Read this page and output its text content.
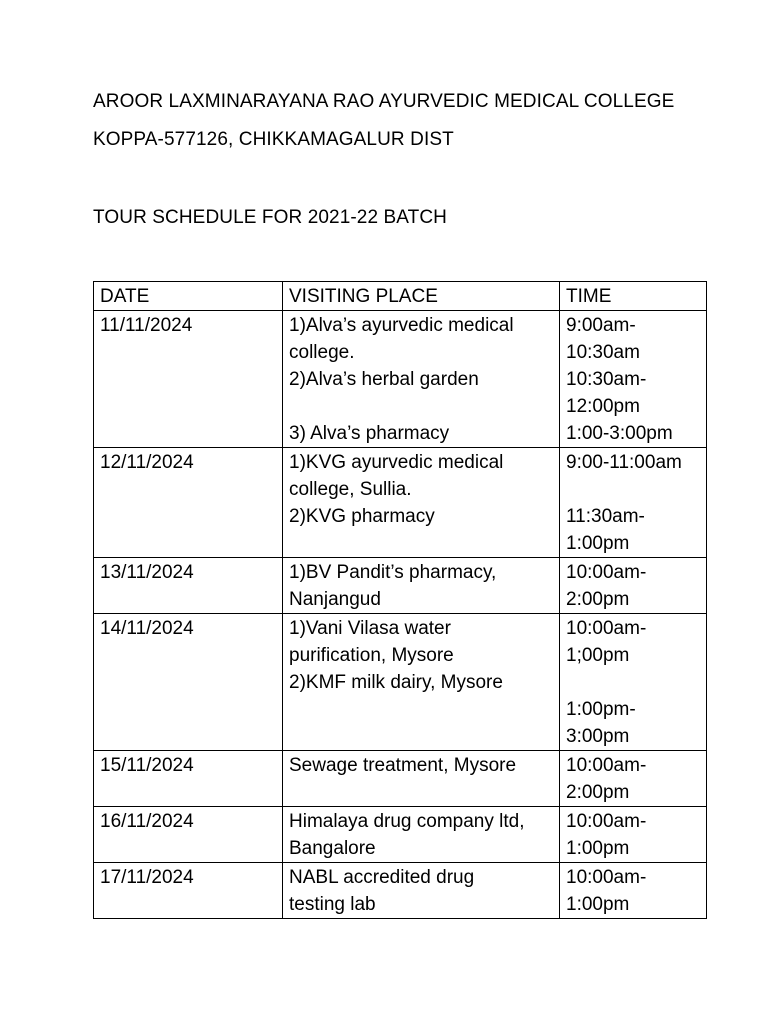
AROOR LAXMINARAYANA RAO AYURVEDIC MEDICAL COLLEGE
KOPPA-577126, CHIKKAMAGALUR DIST
TOUR SCHEDULE FOR 2021-22 BATCH
DATE	VISITING PLACE	TIME
11/11/2024	1)Alva’s ayurvedic medical
college.
2)Alva’s herbal garden
3) Alva’s pharmacy	9:00am-
10:30am
10:30am-
12:00pm
1:00-3:00pm

12/11/2024	1)KVG ayurvedic medical
college, Sullia.
2)KVG pharmacy	9:00-11:00am
11:30am-
1:00pm

13/11/2024	1)BV Pandit’s pharmacy,
Nanjangud	10:00am-
2:00pm

14/11/2024	1)Vani Vilasa water
purification, Mysore
2)KMF milk dairy, Mysore	10:00am-
1;00pm
1:00pm-
3:00pm

15/11/2024	Sewage treatment, Mysore	10:00am-
2:00pm

16/11/2024	Himalaya drug company ltd,
Bangalore	10:00am-
1:00pm

17/11/2024	NABL accredited drug
testing lab	10:00am-
1:00pm
